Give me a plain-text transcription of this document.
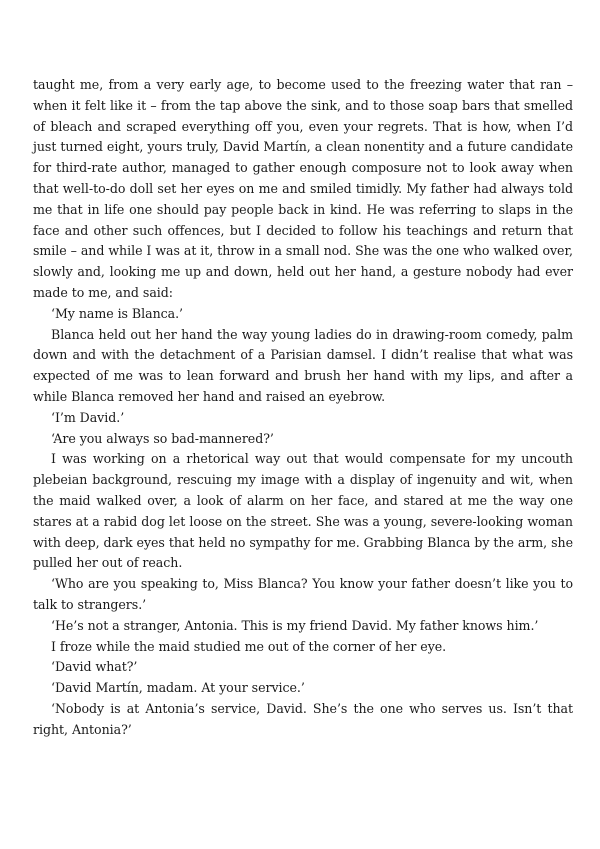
taught me, from a very early age, to become used to the freezing water that ran – when it felt like it – from the tap above the sink, and to those soap bars that smelled of bleach and scraped everything off you, even your regrets. That is how, when I’d just turned eight, yours truly, David Martín, a clean nonentity and a future candidate for third-rate author, managed to gather enough composure not to look away when that well-to-do doll set her eyes on me and smiled timidly. My father had always told me that in life one should pay people back in kind. He was referring to slaps in the face and other such offences, but I decided to follow his teachings and return that smile – and while I was at it, throw in a small nod. She was the one who walked over, slowly and, looking me up and down, held out her hand, a gesture nobody had ever made to me, and said:

‘My name is Blanca.’

Blanca held out her hand the way young ladies do in drawing-room comedy, palm down and with the detachment of a Parisian damsel. I didn’t realise that what was expected of me was to lean forward and brush her hand with my lips, and after a while Blanca removed her hand and raised an eyebrow.

‘I’m David.’

‘Are you always so bad-mannered?’

I was working on a rhetorical way out that would compensate for my uncouth plebeian background, rescuing my image with a display of ingenuity and wit, when the maid walked over, a look of alarm on her face, and stared at me the way one stares at a rabid dog let loose on the street. She was a young, severe-looking woman with deep, dark eyes that held no sympathy for me. Grabbing Blanca by the arm, she pulled her out of reach.

‘Who are you speaking to, Miss Blanca? You know your father doesn’t like you to talk to strangers.’

‘He’s not a stranger, Antonia. This is my friend David. My father knows him.’

I froze while the maid studied me out of the corner of her eye.

‘David what?’

‘David Martín, madam. At your service.’

‘Nobody is at Antonia’s service, David. She’s the one who serves us. Isn’t that right, Antonia?’
